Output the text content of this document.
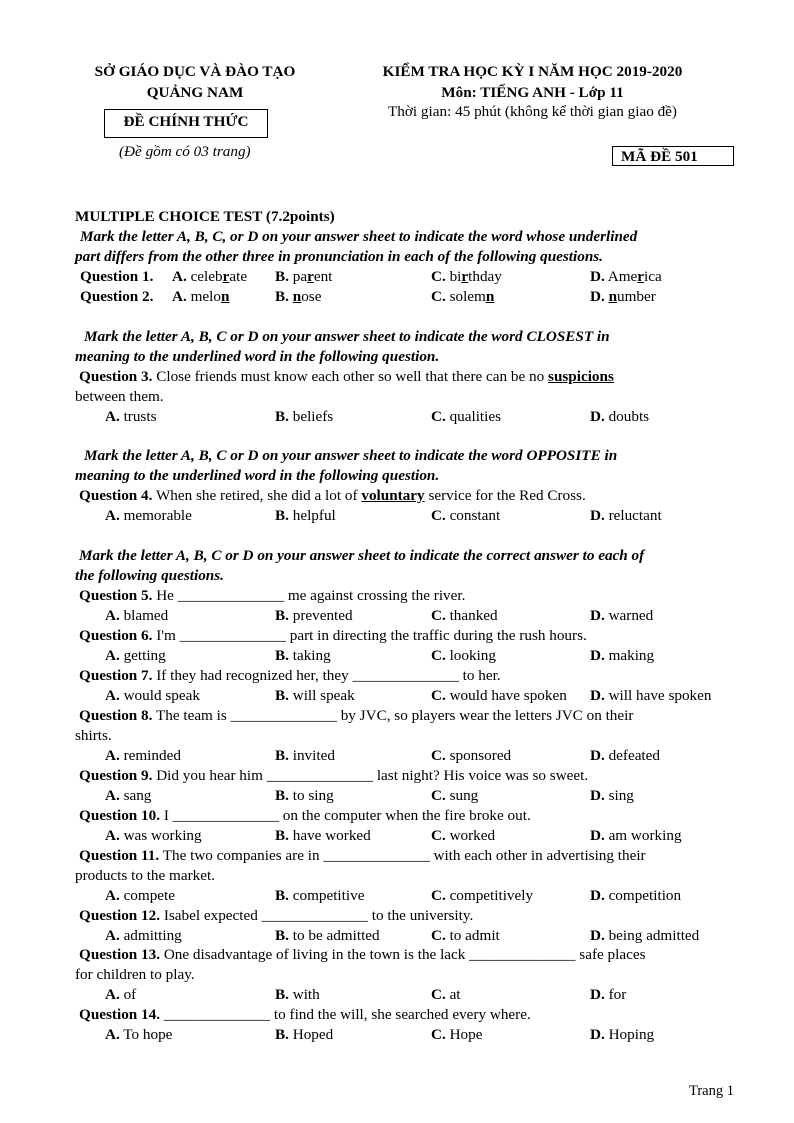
SỞ GIÁO DỤC VÀ ĐÀO TẠO
QUẢNG NAM
ĐỀ CHÍNH THỨC
(Đề gồm có 03 trang)
KIỂM TRA HỌC KỲ I NĂM HỌC 2019-2020
Môn: TIẾNG ANH - Lớp 11
Thời gian: 45 phút (không kể thời gian giao đề)
MÃ ĐỀ 501
MULTIPLE CHOICE TEST (7.2points)
Mark the letter A, B, C, or D on your answer sheet to indicate the word whose underlined
part differs from the other three in pronunciation in each of the following questions.
Question 1. A. celebrate B. parent	C. birthday	D. America
Question 2. A. melon	B. nose	C. solemn	D. number
Mark the letter A, B, C or D on your answer sheet to indicate the word CLOSEST in
meaning to the underlined word in the following question.
Question 3. Close friends must know each other so well that there can be no suspicions
between them.
A. trusts	B. beliefs	C. qualities	D. doubts
Mark the letter A, B, C or D on your answer sheet to indicate the word OPPOSITE in
meaning to the underlined word in the following question.
Question 4. When she retired, she did a lot of voluntary service for the Red Cross.
A. memorable	B. helpful	C. constant	D. reluctant
Mark the letter A, B, C or D on your answer sheet to indicate the correct answer to each of
the following questions.
Question 5. He ______________ me against crossing the river.
A. blamed	B. prevented	C. thanked	D. warned
Question 6. I'm ______________ part in directing the traffic during the rush hours.
A. getting	B. taking	C. looking	D. making
Question 7. If they had recognized her, they ______________ to her.
A. would speak	B. will speak	C. would have spoken D. will have spoken
Question 8. The team is ______________ by JVC, so players wear the letters JVC on their
shirts.
A. reminded	B. invited	C. sponsored	D. defeated
Question 9. Did you hear him ______________ last night? His voice was so sweet.
A. sang	B. to sing	C. sung	D. sing
Question 10. I ______________ on the computer when the fire broke out.
A. was working	B. have worked	C. worked	D. am working
Question 11. The two companies are in ______________ with each other in advertising their
products to the market.
A. compete	B. competitive	C. competitively	D. competition
Question 12. Isabel expected ______________ to the university.
A. admitting	B. to be admitted	C. to admit	D. being admitted
Question 13. One disadvantage of living in the town is the lack ______________ safe places
for children to play.
A. of	B. with	C. at	D. for
Question 14. ______________ to find the will, she searched every where.
A. To hope	B. Hoped	C. Hope	D. Hoping
Trang 1
